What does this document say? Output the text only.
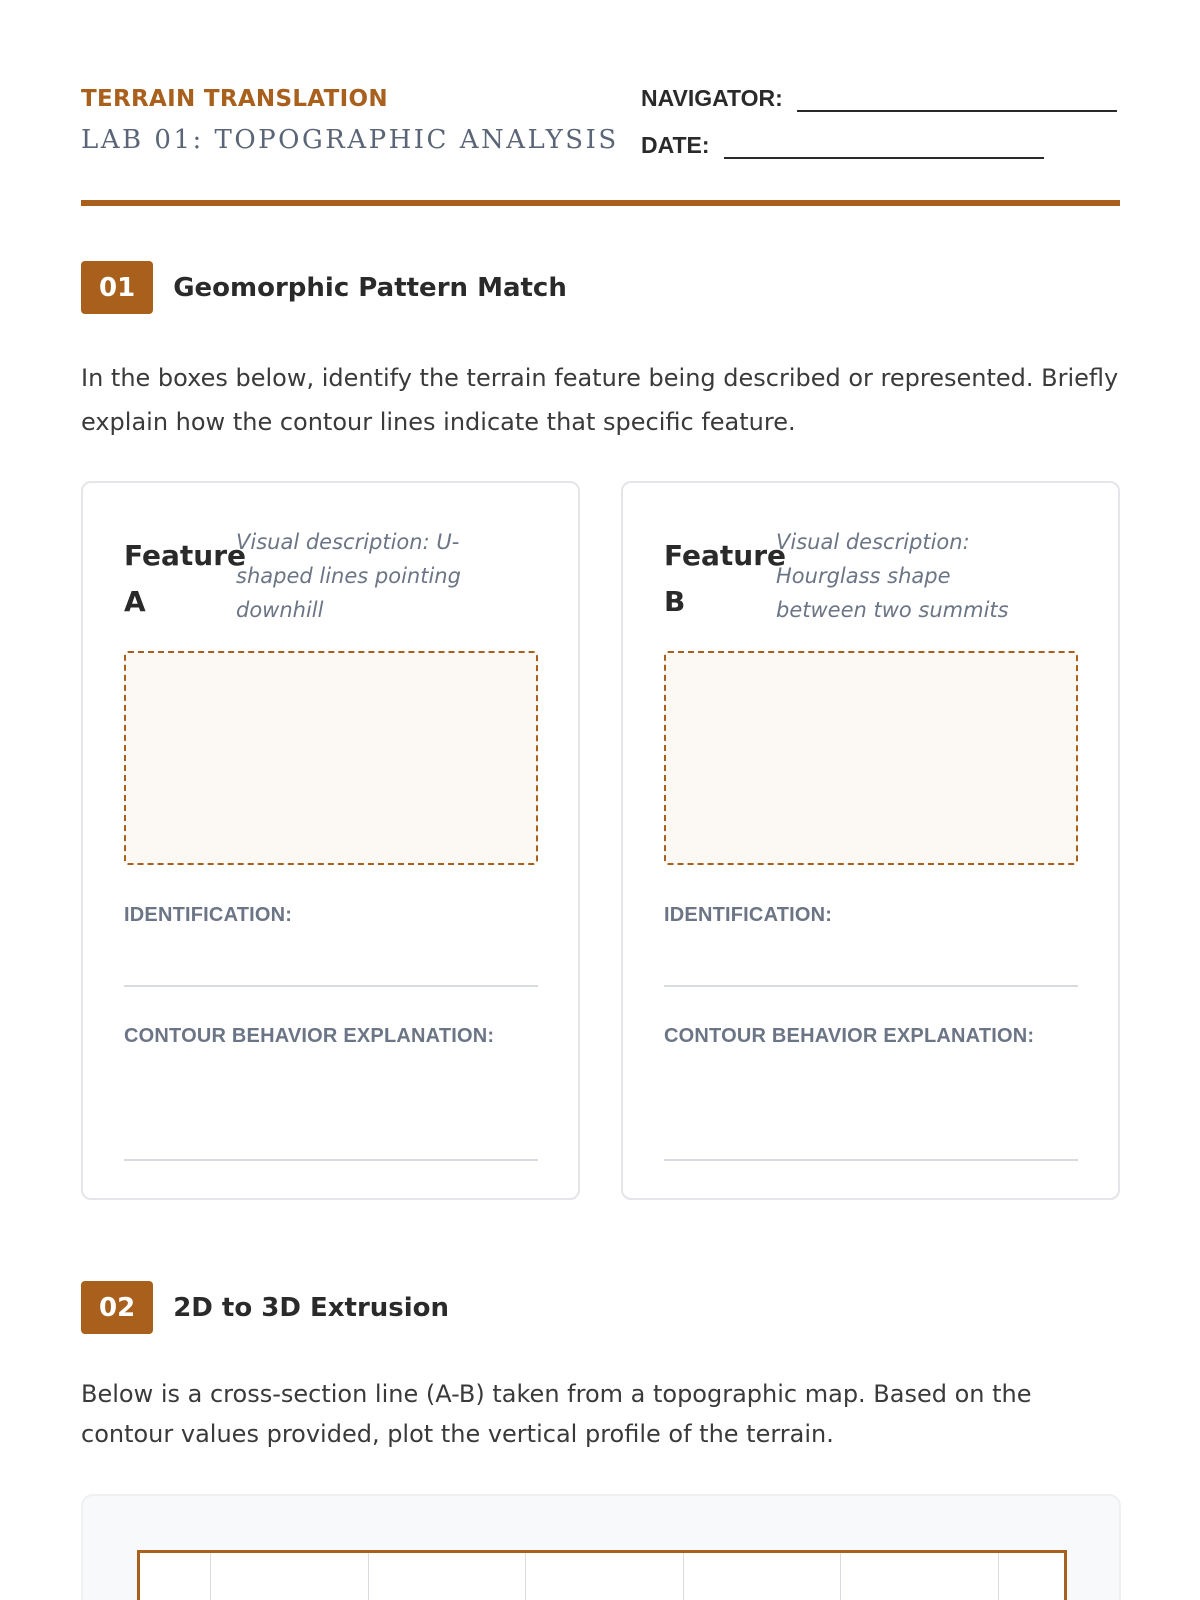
TERRAIN TRANSLATION
LAB 01: TOPOGRAPHIC ANALYSIS
NAVIGATOR:
DATE:
01	Geomorphic Pattern Match
In the boxes below, identify the terrain feature being described or represented. Briefly explain how the contour lines indicate that specific feature.
Feature A
Visual description: U-shaped lines pointing downhill
IDENTIFICATION:
CONTOUR BEHAVIOR EXPLANATION:
Feature B
Visual description: Hourglass shape between two summits
IDENTIFICATION:
CONTOUR BEHAVIOR EXPLANATION:
02	2D to 3D Extrusion
Below is a cross-section line (A-B) taken from a topographic map. Based on the contour values provided, plot the vertical profile of the terrain.
